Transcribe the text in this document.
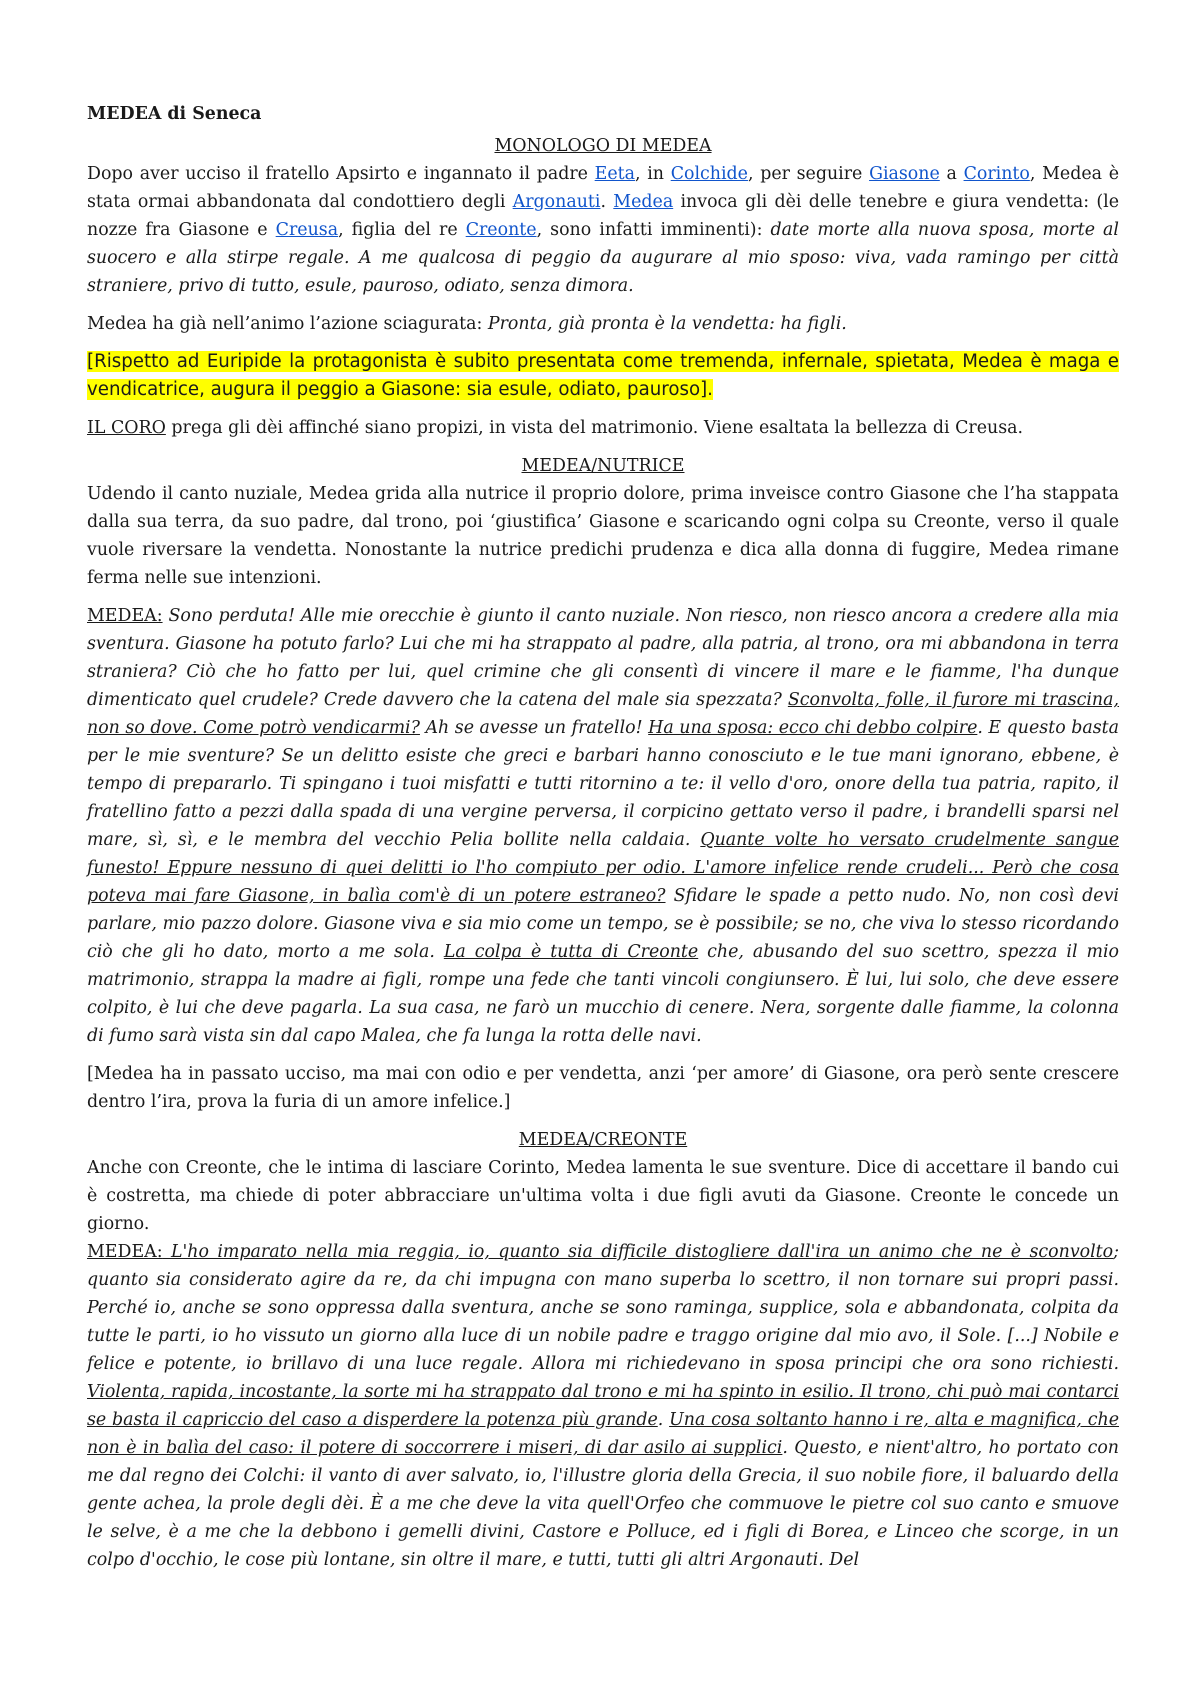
MEDEA di Seneca

MONOLOGO DI MEDEA

Dopo aver ucciso il fratello Apsirto e ingannato il padre Eeta, in Colchide, per seguire Giasone a Corinto, Medea è stata ormai abbandonata dal condottiero degli Argonauti. Medea invoca gli dèi delle tenebre e giura vendetta: (le nozze fra Giasone e Creusa, figlia del re Creonte, sono infatti imminenti): date morte alla nuova sposa, morte al suocero e alla stirpe regale. A me qualcosa di peggio da augurare al mio sposo: viva, vada ramingo per città straniere, privo di tutto, esule, pauroso, odiato, senza dimora.

Medea ha già nell’animo l’azione sciagurata: Pronta, già pronta è la vendetta: ha figli.

[Rispetto ad Euripide la protagonista è subito presentata come tremenda, infernale, spietata, Medea è maga e vendicatrice, augura il peggio a Giasone: sia esule, odiato, pauroso].

IL CORO prega gli dèi affinché siano propizi, in vista del matrimonio. Viene esaltata la bellezza di Creusa.

MEDEA/NUTRICE

Udendo il canto nuziale, Medea grida alla nutrice il proprio dolore, prima inveisce contro Giasone che l’ha stappata dalla sua terra, da suo padre, dal trono, poi ‘giustifica’ Giasone e scaricando ogni colpa su Creonte, verso il quale vuole riversare la vendetta. Nonostante la nutrice predichi prudenza e dica alla donna di fuggire, Medea rimane ferma nelle sue intenzioni.

MEDEA: Sono perduta! Alle mie orecchie è giunto il canto nuziale. Non riesco, non riesco ancora a credere alla mia sventura. Giasone ha potuto farlo? Lui che mi ha strappato al padre, alla patria, al trono, ora mi abbandona in terra straniera? Ciò che ho fatto per lui, quel crimine che gli consentì di vincere il mare e le fiamme, l'ha dunque dimenticato quel crudele? Crede davvero che la catena del male sia spezzata? Sconvolta, folle, il furore mi trascina, non so dove. Come potrò vendicarmi? Ah se avesse un fratello! Ha una sposa: ecco chi debbo colpire. E questo basta per le mie sventure? Se un delitto esiste che greci e barbari hanno conosciuto e le tue mani ignorano, ebbene, è tempo di prepararlo. Ti spingano i tuoi misfatti e tutti ritornino a te: il vello d'oro, onore della tua patria, rapito, il fratellino fatto a pezzi dalla spada di una vergine perversa, il corpicino gettato verso il padre, i brandelli sparsi nel mare, sì, sì, e le membra del vecchio Pelia bollite nella caldaia. Quante volte ho versato crudelmente sangue funesto! Eppure nessuno di quei delitti io l'ho compiuto per odio. L'amore infelice rende crudeli... Però che cosa poteva mai fare Giasone, in balìa com'è di un potere estraneo? Sfidare le spade a petto nudo. No, non così devi parlare, mio pazzo dolore. Giasone viva e sia mio come un tempo, se è possibile; se no, che viva lo stesso ricordando ciò che gli ho dato, morto a me sola. La colpa è tutta di Creonte che, abusando del suo scettro, spezza il mio matrimonio, strappa la madre ai figli, rompe una fede che tanti vincoli congiunsero. È lui, lui solo, che deve essere colpito, è lui che deve pagarla. La sua casa, ne farò un mucchio di cenere. Nera, sorgente dalle fiamme, la colonna di fumo sarà vista sin dal capo Malea, che fa lunga la rotta delle navi.

[Medea ha in passato ucciso, ma mai con odio e per vendetta, anzi ‘per amore’ di Giasone, ora però sente crescere dentro l’ira, prova la furia di un amore infelice.]

MEDEA/CREONTE

Anche con Creonte, che le intima di lasciare Corinto, Medea lamenta le sue sventure. Dice di accettare il bando cui è costretta, ma chiede di poter abbracciare un'ultima volta i due figli avuti da Giasone. Creonte le concede un giorno.

MEDEA: L'ho imparato nella mia reggia, io, quanto sia difficile distogliere dall'ira un animo che ne è sconvolto; quanto sia considerato agire da re, da chi impugna con mano superba lo scettro, il non tornare sui propri passi. Perché io, anche se sono oppressa dalla sventura, anche se sono raminga, supplice, sola e abbandonata, colpita da tutte le parti, io ho vissuto un giorno alla luce di un nobile padre e traggo origine dal mio avo, il Sole. [...] Nobile e felice e potente, io brillavo di una luce regale. Allora mi richiedevano in sposa principi che ora sono richiesti. Violenta, rapida, incostante, la sorte mi ha strappato dal trono e mi ha spinto in esilio. Il trono, chi può mai contarci se basta il capriccio del caso a disperdere la potenza più grande. Una cosa soltanto hanno i re, alta e magnifica, che non è in balìa del caso: il potere di soccorrere i miseri, di dar asilo ai supplici. Questo, e nient'altro, ho portato con me dal regno dei Colchi: il vanto di aver salvato, io, l'illustre gloria della Grecia, il suo nobile fiore, il baluardo della gente achea, la prole degli dèi. È a me che deve la vita quell'Orfeo che commuove le pietre col suo canto e smuove le selve, è a me che la debbono i gemelli divini, Castore e Polluce, ed i figli di Borea, e Linceo che scorge, in un colpo d'occhio, le cose più lontane, sin oltre il mare, e tutti, tutti gli altri Argonauti. Del
